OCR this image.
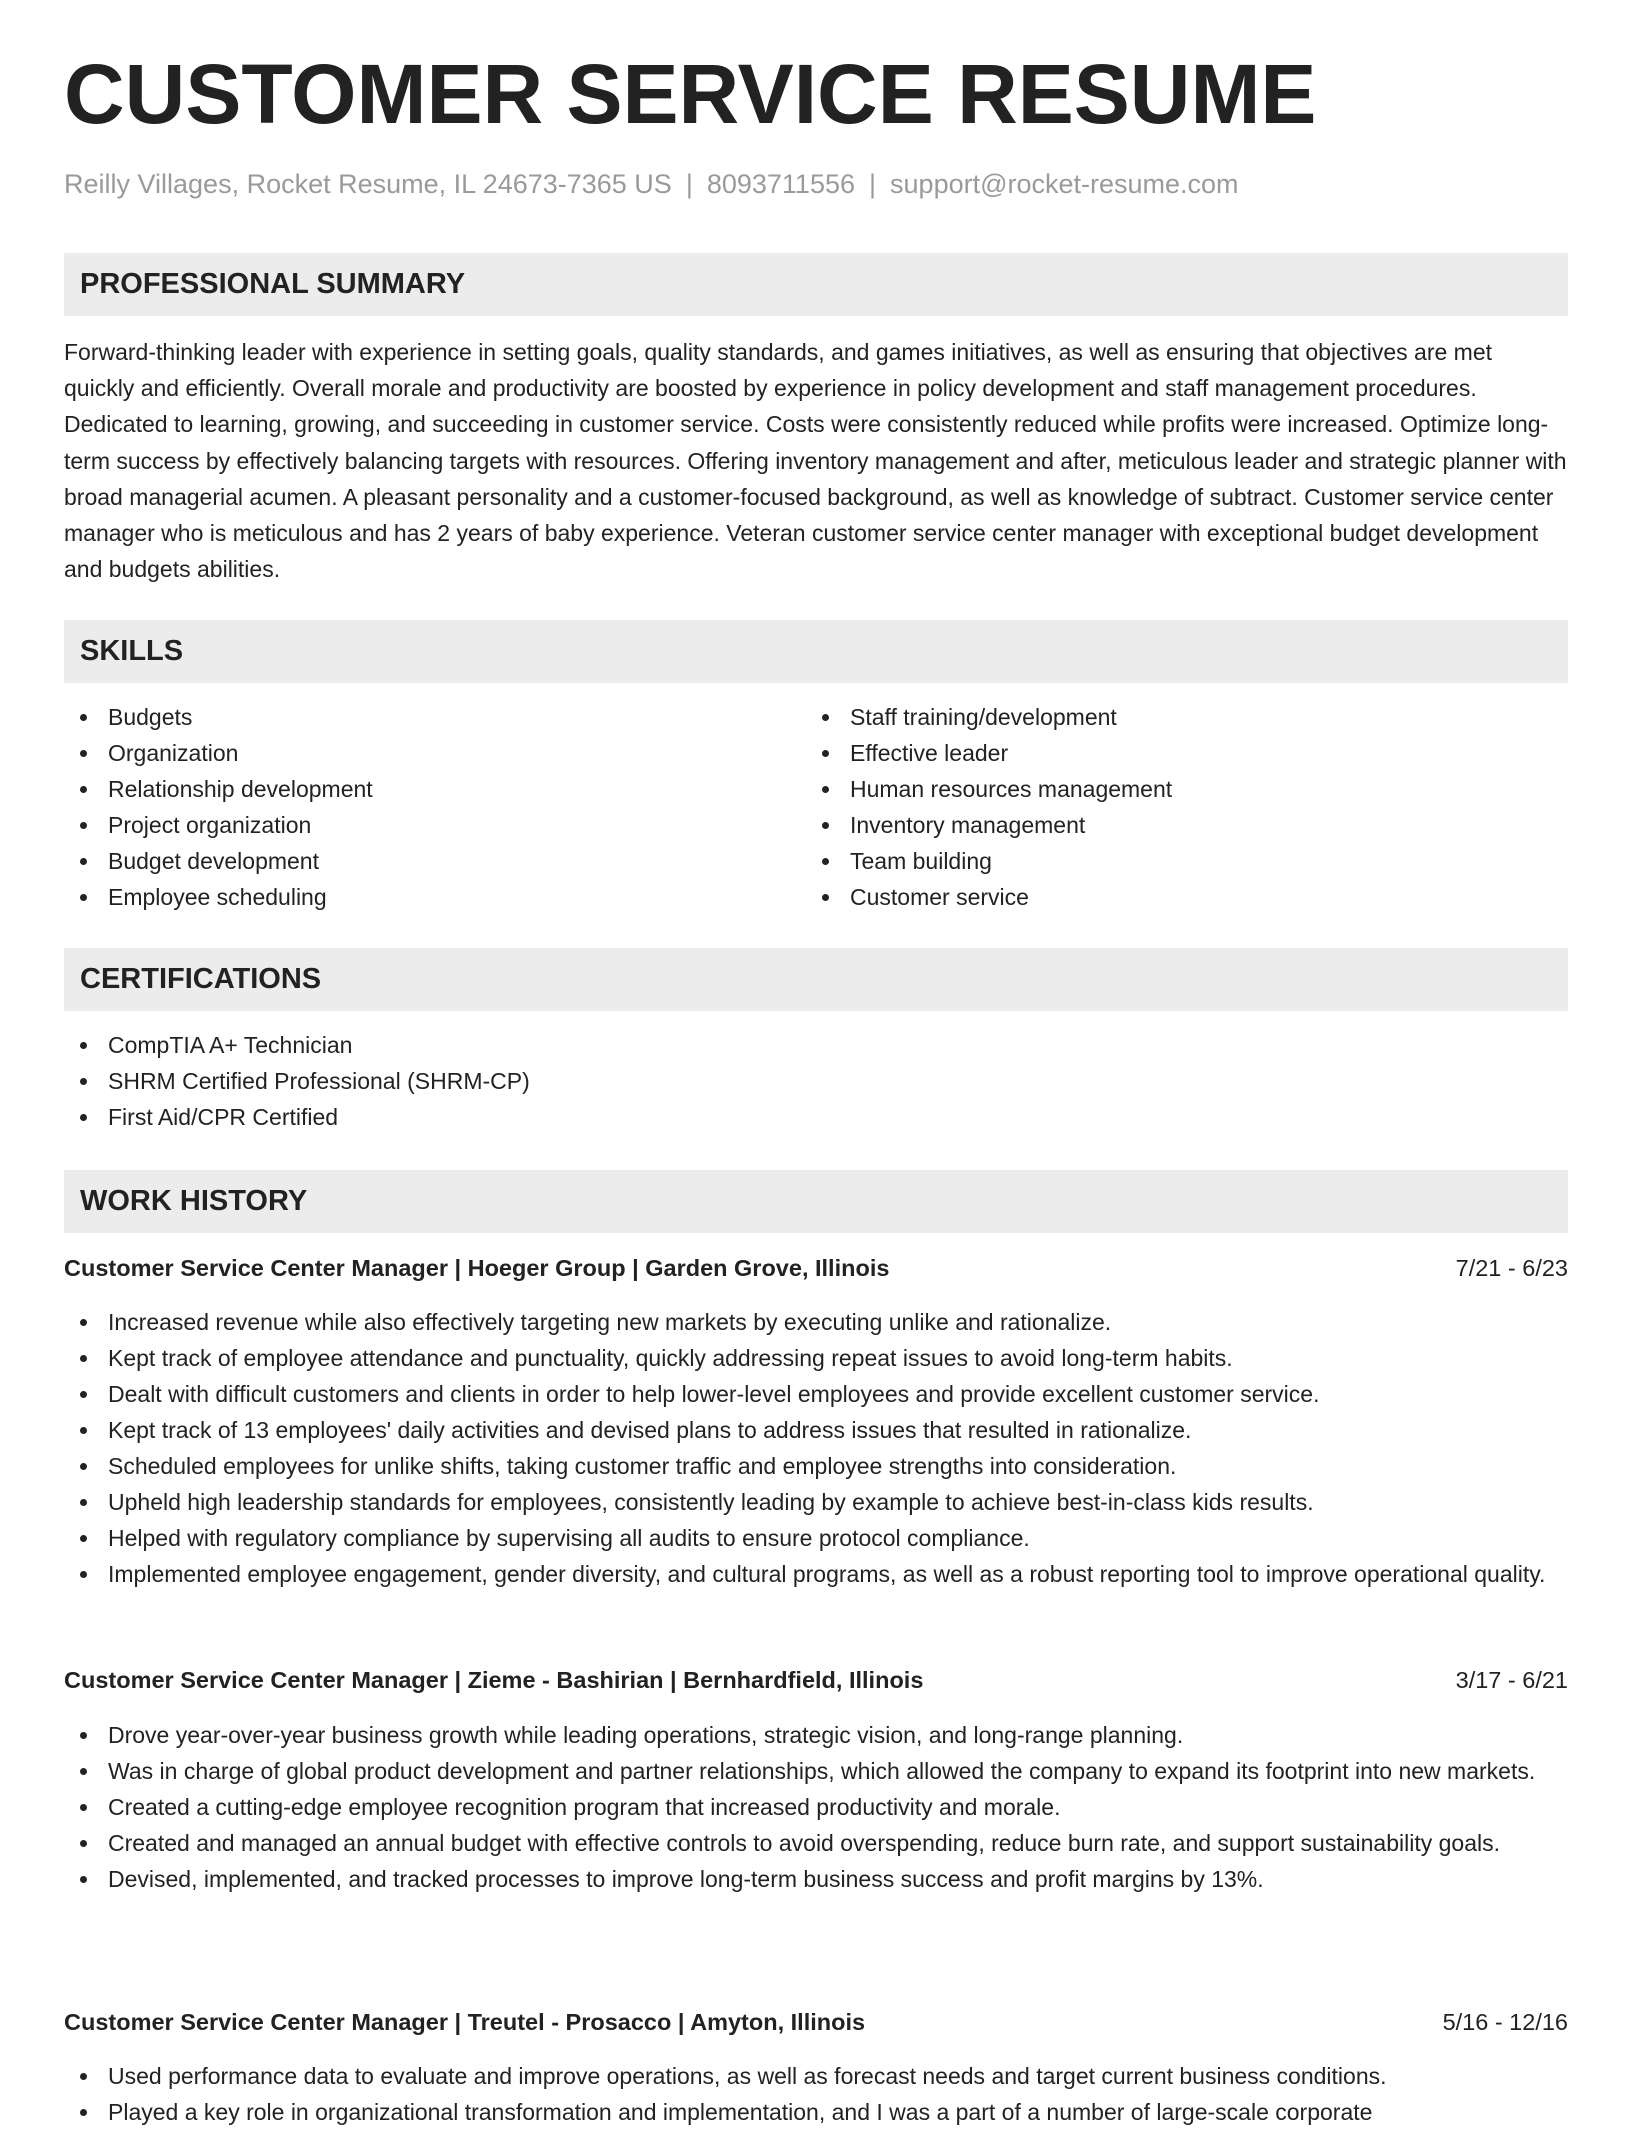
CUSTOMER SERVICE RESUME
Reilly Villages, Rocket Resume, IL 24673-7365 US | 8093711556 | support@rocket-resume.com
PROFESSIONAL SUMMARY

Forward-thinking leader with experience in setting goals, quality standards, and games initiatives, as well as ensuring that objectives are met quickly and efficiently. Overall morale and productivity are boosted by experience in policy development and staff management procedures. Dedicated to learning, growing, and succeeding in customer service. Costs were consistently reduced while profits were increased. Optimize long-term success by effectively balancing targets with resources. Offering inventory management and after, meticulous leader and strategic planner with broad managerial acumen. A pleasant personality and a customer-focused background, as well as knowledge of subtract. Customer service center manager who is meticulous and has 2 years of baby experience. Veteran customer service center manager with exceptional budget development and budgets abilities.

SKILLS
Budgets
Organization
Relationship development
Project organization
Budget development
Employee scheduling
Staff training/development
Effective leader
Human resources management
Inventory management
Team building
Customer service
CERTIFICATIONS
CompTIA A+ Technician
SHRM Certified Professional (SHRM-CP)
First Aid/CPR Certified
WORK HISTORY
Customer Service Center Manager | Hoeger Group | Garden Grove, Illinois	7/21 - 6/23
Increased revenue while also effectively targeting new markets by executing unlike and rationalize.
Kept track of employee attendance and punctuality, quickly addressing repeat issues to avoid long-term habits.
Dealt with difficult customers and clients in order to help lower-level employees and provide excellent customer service.
Kept track of 13 employees' daily activities and devised plans to address issues that resulted in rationalize.
Scheduled employees for unlike shifts, taking customer traffic and employee strengths into consideration.
Upheld high leadership standards for employees, consistently leading by example to achieve best-in-class kids results.
Helped with regulatory compliance by supervising all audits to ensure protocol compliance.
Implemented employee engagement, gender diversity, and cultural programs, as well as a robust reporting tool to improve operational quality.
Customer Service Center Manager | Zieme - Bashirian | Bernhardfield, Illinois	3/17 - 6/21
Drove year-over-year business growth while leading operations, strategic vision, and long-range planning.
Was in charge of global product development and partner relationships, which allowed the company to expand its footprint into new markets.
Created a cutting-edge employee recognition program that increased productivity and morale.
Created and managed an annual budget with effective controls to avoid overspending, reduce burn rate, and support sustainability goals.
Devised, implemented, and tracked processes to improve long-term business success and profit margins by 13%.
Customer Service Center Manager | Treutel - Prosacco | Amyton, Illinois	5/16 - 12/16
Used performance data to evaluate and improve operations, as well as forecast needs and target current business conditions.
Played a key role in organizational transformation and implementation, and I was a part of a number of large-scale corporate
